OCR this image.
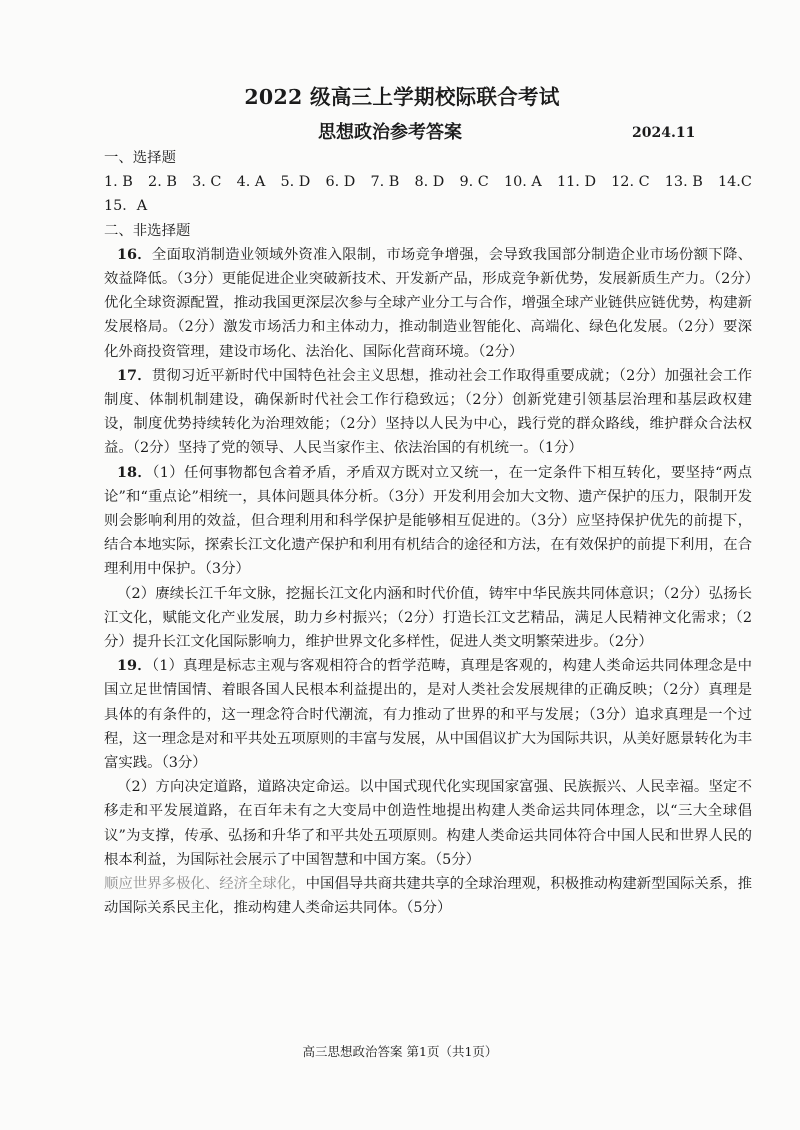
2022 级高三上学期校际联合考试
思想政治参考答案	2024.11
一、选择题
1. B 2. B 3. C 4. A 5. D 6. D 7. B 8. D 9. C 10. A 11. D 12. C 13. B 14.C
15．A
二、非选择题

16．全面取消制造业领域外资准入限制，市场竞争增强，会导致我国部分制造企业市场份额下降、效益降低。（3分）更能促进企业突破新技术、开发新产品，形成竞争新优势，发展新质生产力。（2分）优化全球资源配置，推动我国更深层次参与全球产业分工与合作，增强全球产业链供应链优势，构建新发展格局。（2分）激发市场活力和主体动力，推动制造业智能化、高端化、绿色化发展。（2分）要深化外商投资管理，建设市场化、法治化、国际化营商环境。（2分）

17．贯彻习近平新时代中国特色社会主义思想，推动社会工作取得重要成就；（2分）加强社会工作制度、体制机制建设，确保新时代社会工作行稳致远；（2分）创新党建引领基层治理和基层政权建设，制度优势持续转化为治理效能；（2分）坚持以人民为中心，践行党的群众路线，维护群众合法权益。（2分）坚持了党的领导、人民当家作主、依法治国的有机统一。（1分）

18．（1）任何事物都包含着矛盾，矛盾双方既对立又统一，在一定条件下相互转化，要坚持“两点论”和“重点论”相统一，具体问题具体分析。（3分）开发利用会加大文物、遗产保护的压力，限制开发则会影响利用的效益，但合理利用和科学保护是能够相互促进的。（3分）应坚持保护优先的前提下，结合本地实际，探索长江文化遗产保护和利用有机结合的途径和方法，在有效保护的前提下利用，在合理利用中保护。（3分）

（2）赓续长江千年文脉，挖掘长江文化内涵和时代价值，铸牢中华民族共同体意识；（2分）弘扬长江文化，赋能文化产业发展，助力乡村振兴；（2分）打造长江文艺精品，满足人民精神文化需求；（2分）提升长江文化国际影响力，维护世界文化多样性，促进人类文明繁荣进步。（2分）

19．（1）真理是标志主观与客观相符合的哲学范畴，真理是客观的，构建人类命运共同体理念是中国立足世情国情、着眼各国人民根本利益提出的，是对人类社会发展规律的正确反映；（2分）真理是具体的有条件的，这一理念符合时代潮流，有力推动了世界的和平与发展；（3分）追求真理是一个过程，这一理念是对和平共处五项原则的丰富与发展，从中国倡议扩大为国际共识，从美好愿景转化为丰富实践。（3分）

（2）方向决定道路，道路决定命运。以中国式现代化实现国家富强、民族振兴、人民幸福。坚定不移走和平发展道路，在百年未有之大变局中创造性地提出构建人类命运共同体理念，以“三大全球倡议”为支撑，传承、弘扬和升华了和平共处五项原则。构建人类命运共同体符合中国人民和世界人民的根本利益，为国际社会展示了中国智慧和中国方案。（5分）

顺应世界多极化、经济全球化，中国倡导共商共建共享的全球治理观，积极推动构建新型国际关系，推动国际关系民主化，推动构建人类命运共同体。（5分）

高三思想政治答案 第1页（共1页）
